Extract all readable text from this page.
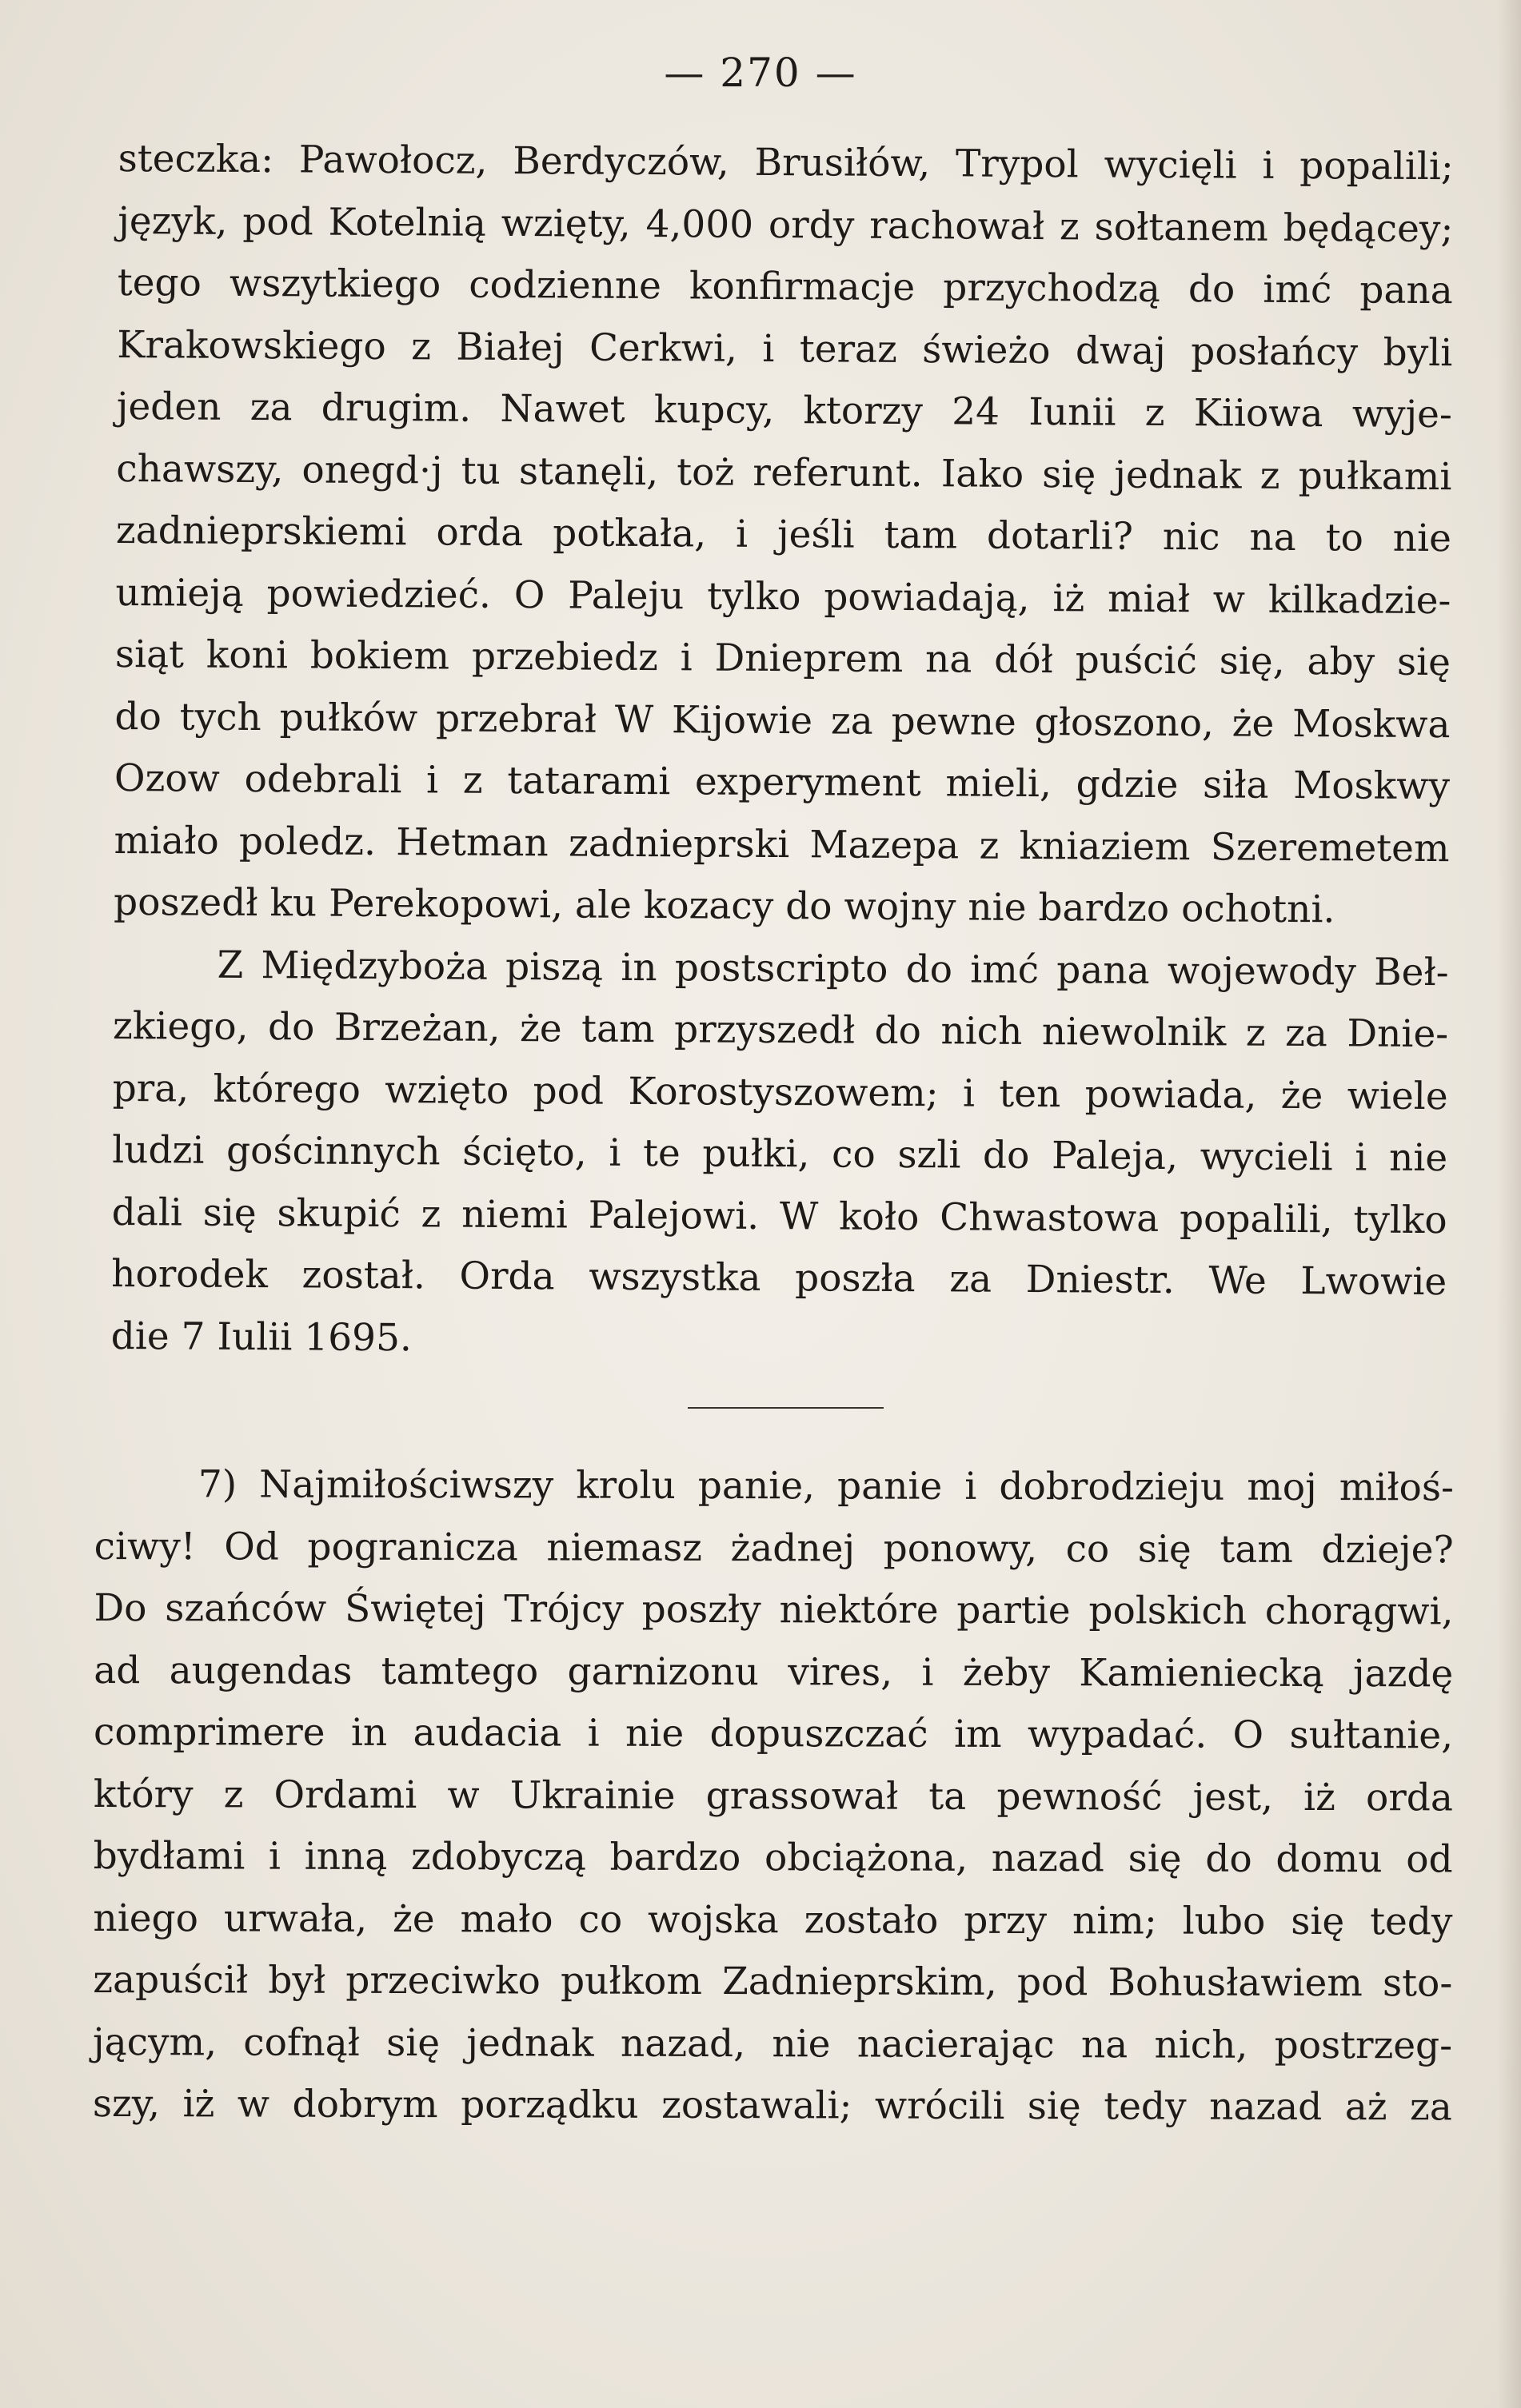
— 270 —
steczka: Pawołocz, Berdyczów, Brusiłów, Trypol wycięli i popalili;
język, pod Kotelnią wzięty, 4,000 ordy rachował z sołtanem będącey;
tego wszytkiego codzienne konfirmacje przychodzą do imć pana
Krakowskiego z Białej Cerkwi, i teraz świeżo dwaj posłańcy byli
jeden za drugim. Nawet kupcy, ktorzy 24 Iunii z Kiiowa wyje-
chawszy, onegd·j tu stanęli, toż referunt. Iako się jednak z pułkami
zadnieprskiemi orda potkała, i jeśli tam dotarli? nic na to nie
umieją powiedzieć. O Paleju tylko powiadają, iż miał w kilkadzie-
siąt koni bokiem przebiedz i Dnieprem na dół puścić się, aby się
do tych pułków przebrał W Kijowie za pewne głoszono, że Moskwa
Ozow odebrali i z tatarami experyment mieli, gdzie siła Moskwy
miało poledz. Hetman zadnieprski Mazepa z kniaziem Szeremetem
poszedł ku Perekopowi, ale kozacy do wojny nie bardzo ochotni.
Z Międzyboża piszą in postscripto do imć pana wojewody Beł-
zkiego, do Brzeżan, że tam przyszedł do nich niewolnik z za Dnie-
pra, którego wzięto pod Korostyszowem; i ten powiada, że wiele
ludzi gościnnych ścięto, i te pułki, co szli do Paleja, wycieli i nie
dali się skupić z niemi Palejowi. W koło Chwastowa popalili, tylko
horodek został. Orda wszystka poszła za Dniestr. We Lwowie
die 7 Iulii 1695.
7) Najmiłościwszy krolu panie, panie i dobrodzieju moj miłoś-
ciwy! Od pogranicza niemasz żadnej ponowy, co się tam dzieje?
Do szańców Świętej Trójcy poszły niektóre partie polskich chorągwi,
ad augendas tamtego garnizonu vires, i żeby Kamieniecką jazdę
comprimere in audacia i nie dopuszczać im wypadać. O sułtanie,
który z Ordami w Ukrainie grassował ta pewność jest, iż orda
bydłami i inną zdobyczą bardzo obciążona, nazad się do domu od
niego urwała, że mało co wojska zostało przy nim; lubo się tedy
zapuścił był przeciwko pułkom Zadnieprskim, pod Bohusławiem sto-
jącym, cofnął się jednak nazad, nie nacierając na nich, postrzeg-
szy, iż w dobrym porządku zostawali; wrócili się tedy nazad aż za
